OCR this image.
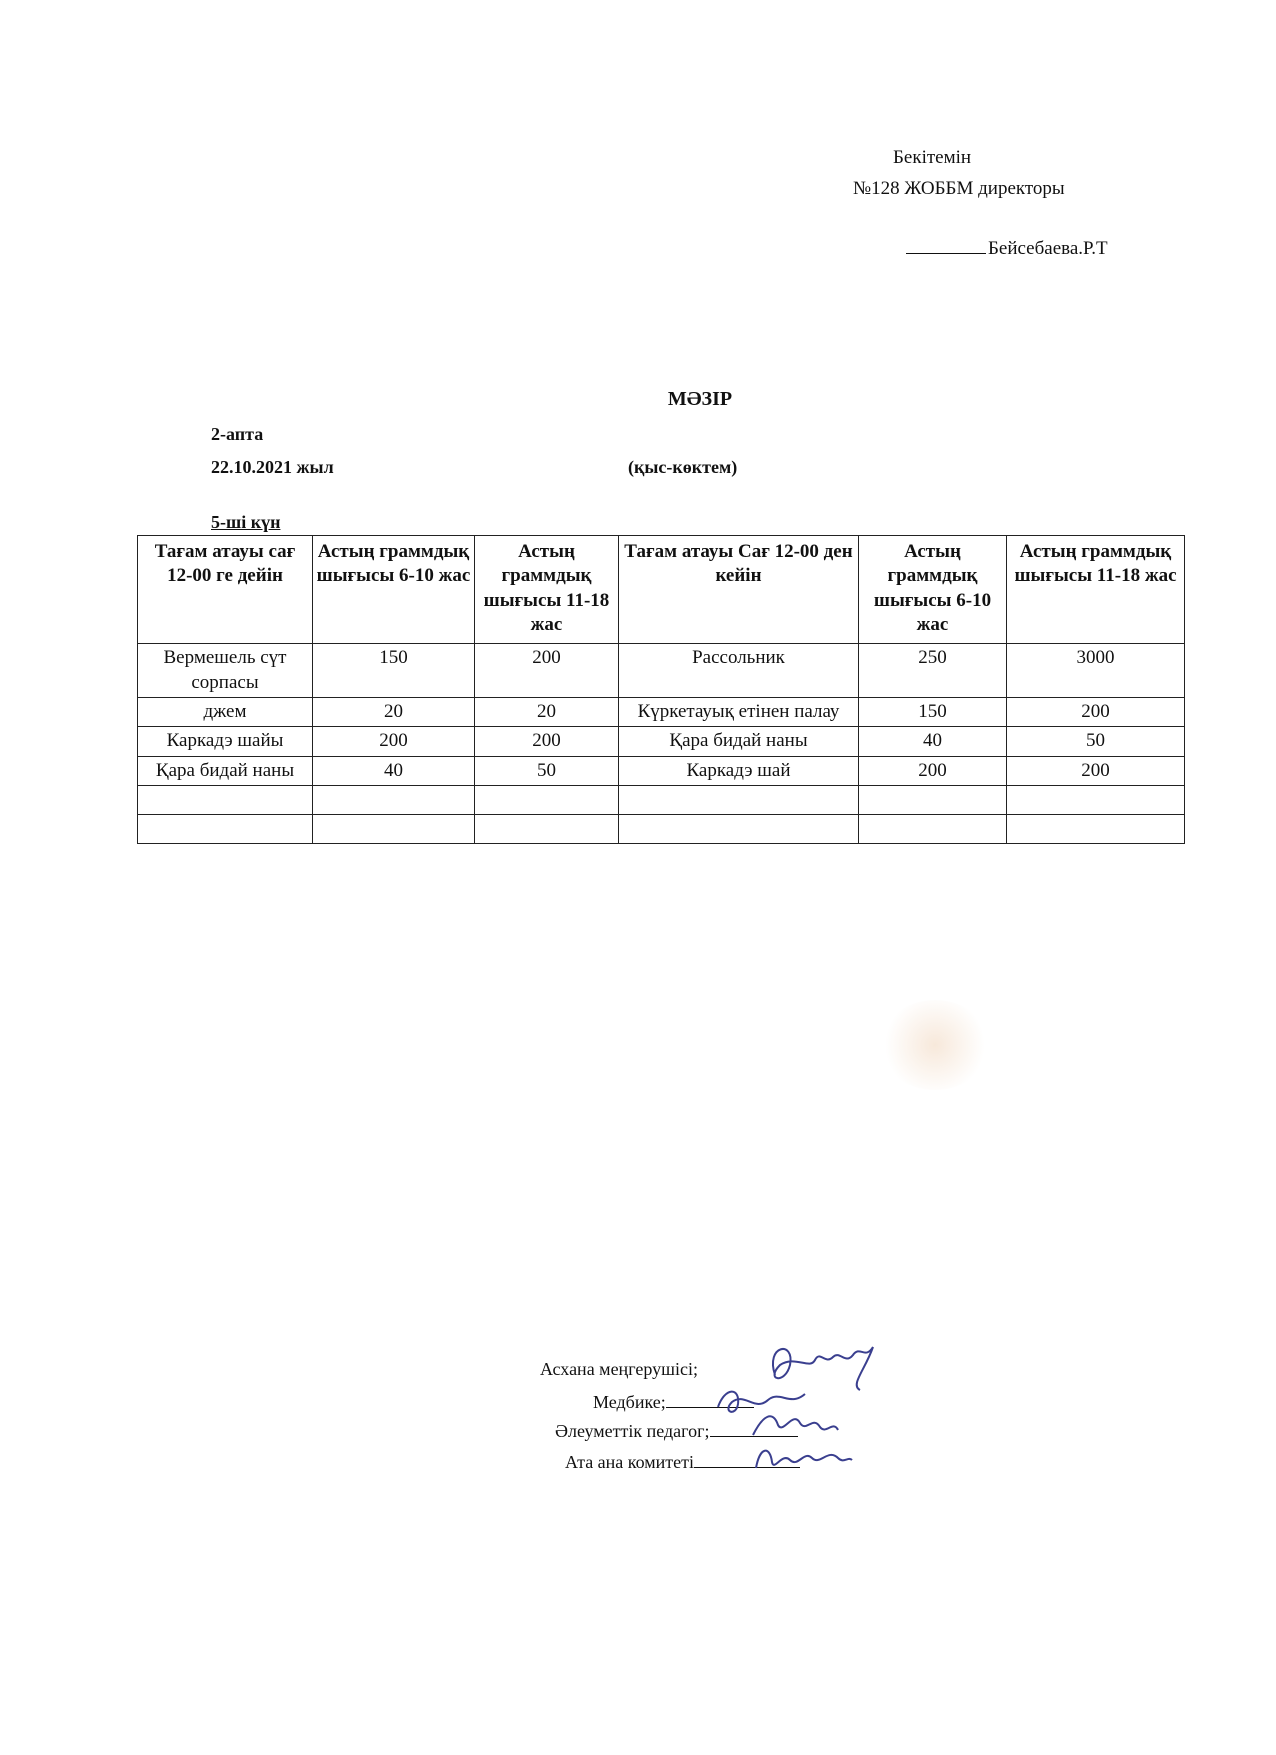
Бекітемін
№128 ЖОББМ директоры
Бейсебаева.Р.Т
МӘЗІР
2-апта
22.10.2021 жыл	(қыс-көктем)
5-ші күн
Тағам атауы сағ 12-00 ге дейін	Астың граммдық шығысы 6-10 жас	Астың граммдық шығысы 11-18 жас	Тағам атауы Сағ 12-00 ден кейін	Астың граммдық шығысы 6-10 жас	Астың граммдық шығысы 11-18 жас
Вермешель сүт сорпасы	150	200	Рассольник	250	3000
джем	20	20	Күркетауық етінен палау	150	200
Каркадэ шайы	200	200	Қара бидай наны	40	50
Қара бидай наны	40	50	Каркадэ шай	200	200

Асхана меңгерушісі;
Медбике;
Әлеуметтік педагог;
Ата ана комитеті
